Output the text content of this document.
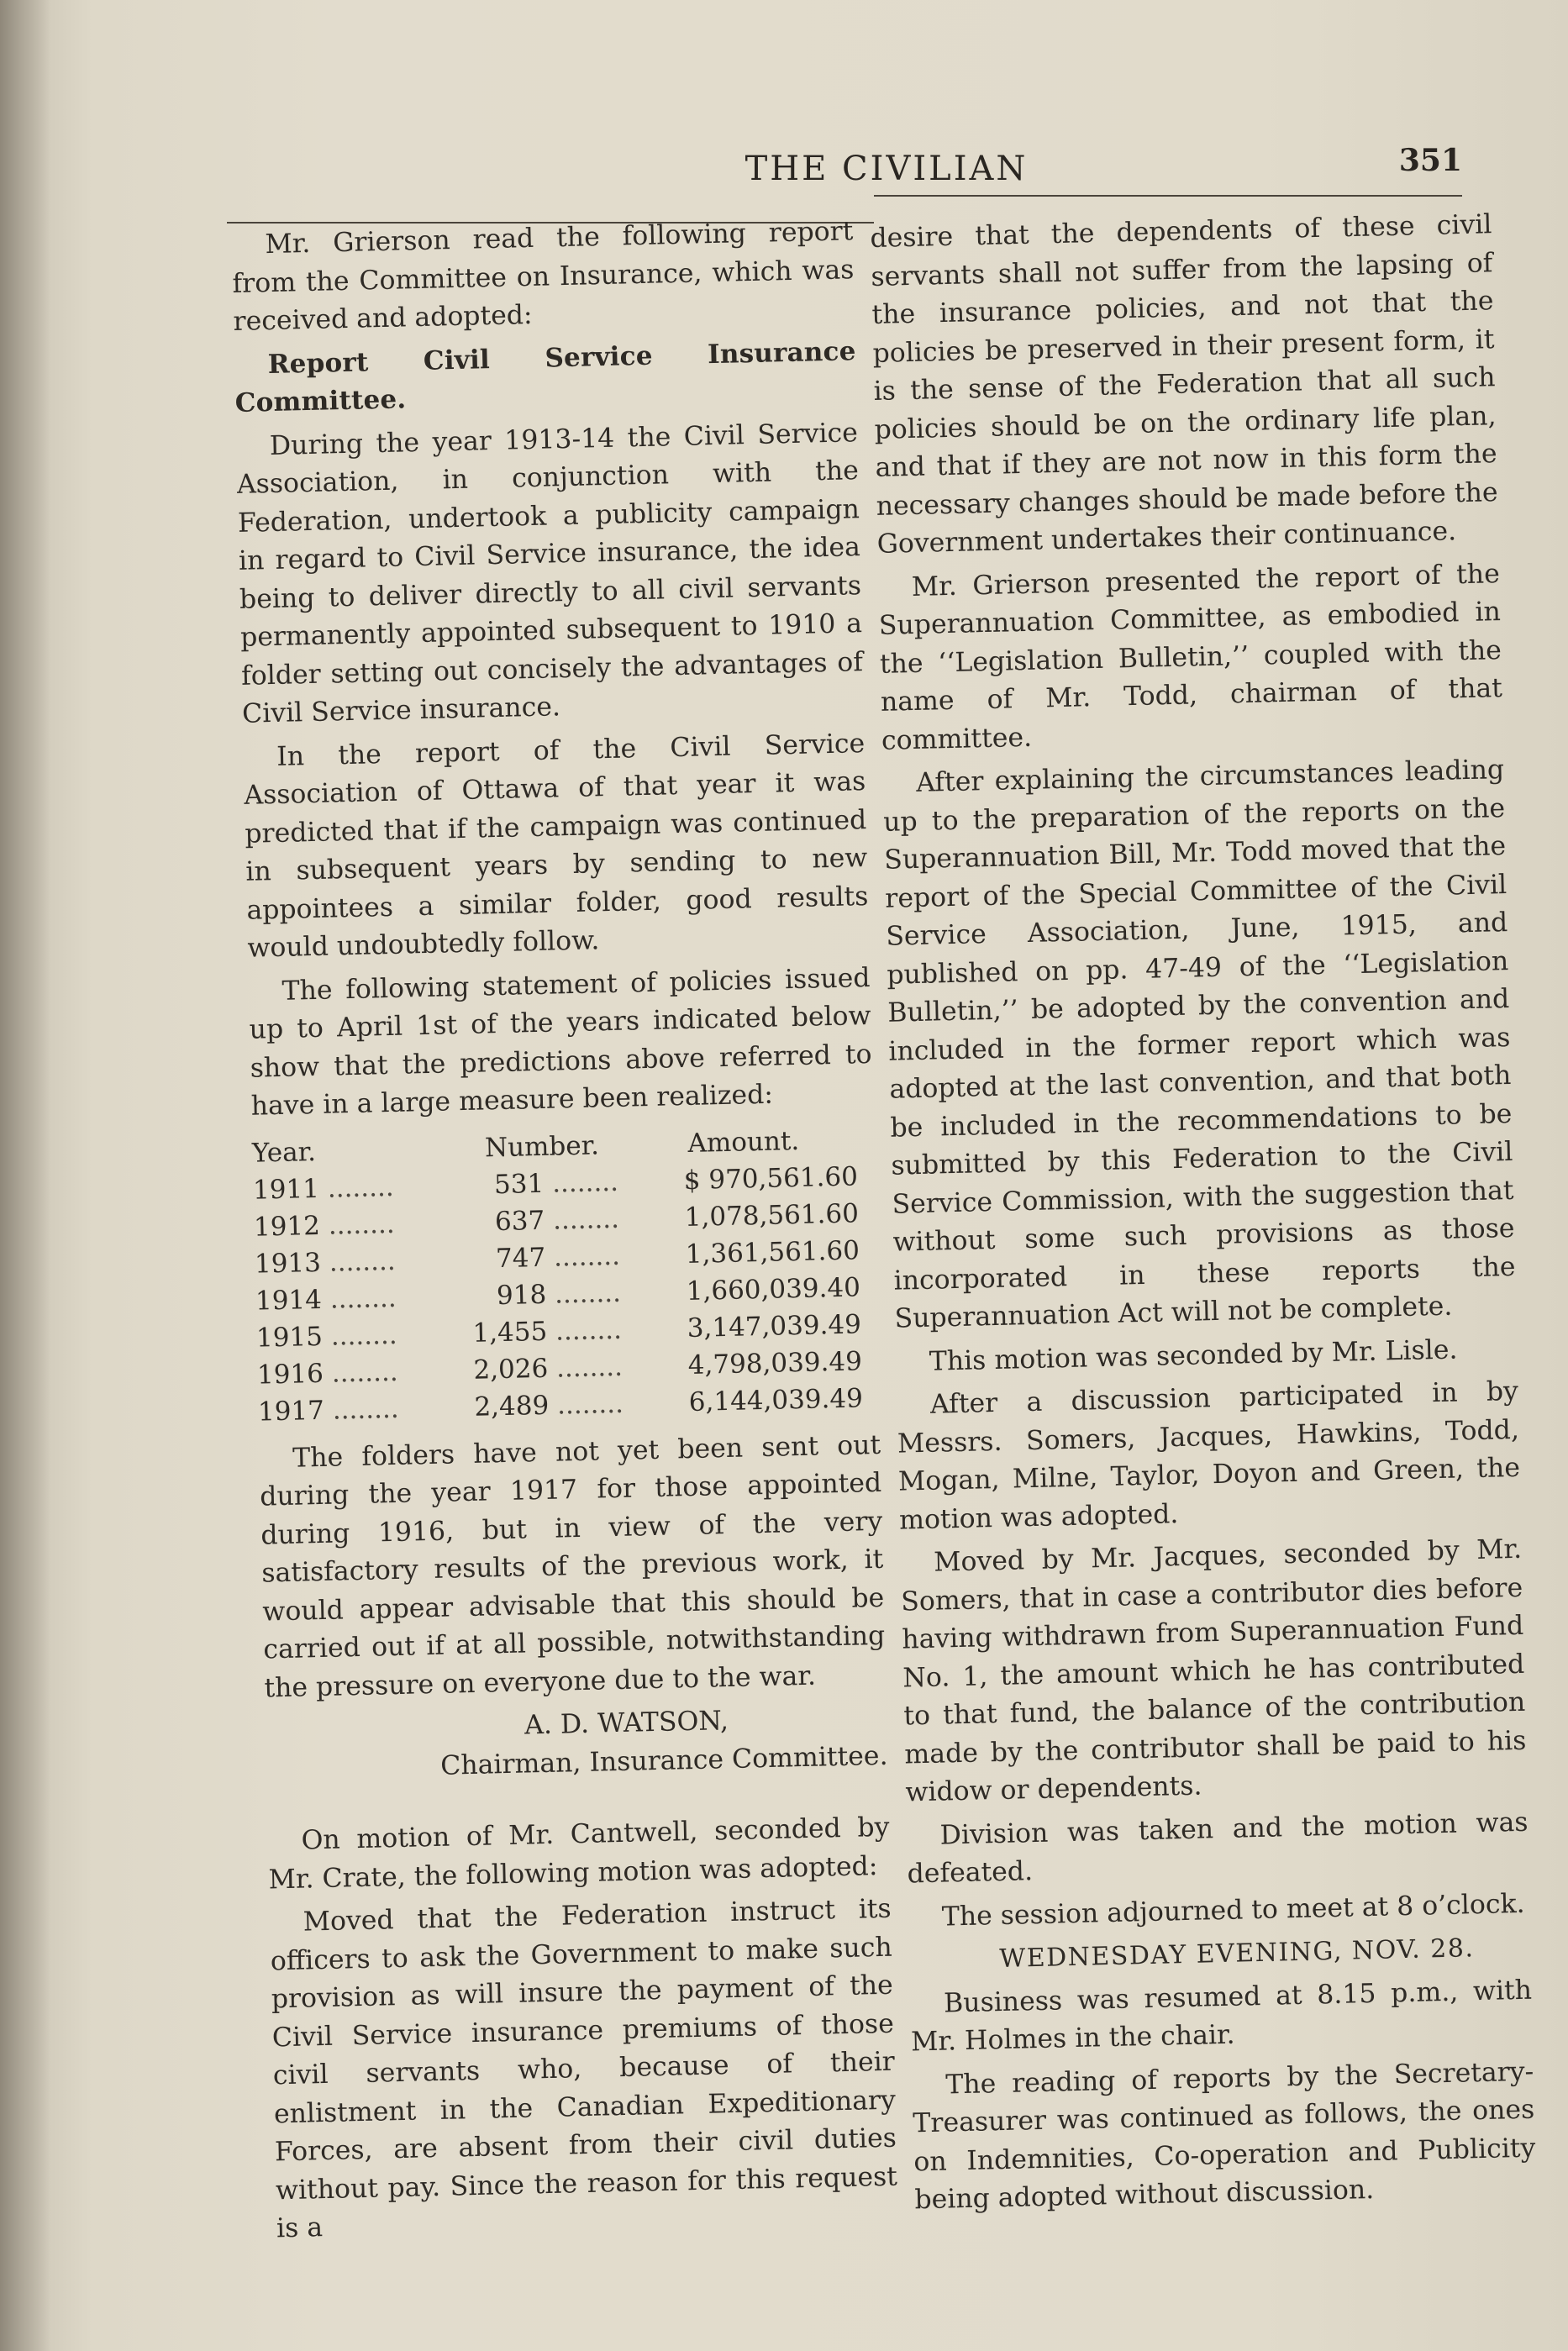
THE CIVILIAN	351

Mr. Grierson read the following report from the Committee on Insurance, which was received and adopted:

Report Civil Service Insurance Committee.

During the year 1913-14 the Civil Service Association, in conjunction with the Federation, undertook a publicity campaign in regard to Civil Service insurance, the idea being to deliver directly to all civil servants permanently appointed subsequent to 1910 a folder setting out concisely the advantages of Civil Service insurance.

In the report of the Civil Service Association of Ottawa of that year it was predicted that if the campaign was continued in subsequent years by sending to new appointees a similar folder, good results would undoubtedly follow.

The following statement of policies issued up to April 1st of the years indicated below show that the predictions above referred to have in a large measure been realized:

Year.	Number.	Amount.
1911 ........	531 ........	$ 970,561.60
1912 ........	637 ........	1,078,561.60
1913 ........	747 ........	1,361,561.60
1914 ........	918 ........	1,660,039.40
1915 ........	1,455 ........	3,147,039.49
1916 ........	2,026 ........	4,798,039.49
1917 ........	2,489 ........	6,144,039.49

The folders have not yet been sent out during the year 1917 for those appointed during 1916, but in view of the very satisfactory results of the previous work, it would appear advisable that this should be carried out if at all possible, notwithstanding the pressure on everyone due to the war.

A. D. WATSON,

Chairman, Insurance Committee.

On motion of Mr. Cantwell, seconded by Mr. Crate, the following motion was adopted:

Moved that the Federation instruct its officers to ask the Government to make such provision as will insure the payment of the Civil Service insurance premiums of those civil servants who, because of their enlistment in the Canadian Expeditionary Forces, are absent from their civil duties without pay. Since the reason for this request is a

desire that the dependents of these civil servants shall not suffer from the lapsing of the insurance policies, and not that the policies be preserved in their present form, it is the sense of the Federation that all such policies should be on the ordinary life plan, and that if they are not now in this form the necessary changes should be made before the Government undertakes their continuance.

Mr. Grierson presented the report of the Superannuation Committee, as embodied in the ‘‘Legislation Bulletin,’’ coupled with the name of Mr. Todd, chairman of that committee.

After explaining the circumstances leading up to the preparation of the reports on the Superannuation Bill, Mr. Todd moved that the report of the Special Committee of the Civil Service Association, June, 1915, and published on pp. 47-49 of the ‘‘Legislation Bulletin,’’ be adopted by the convention and included in the former report which was adopted at the last convention, and that both be included in the recommendations to be submitted by this Federation to the Civil Service Commission, with the suggestion that without some such provisions as those incorporated in these reports the Superannuation Act will not be complete.

This motion was seconded by Mr. Lisle.

After a discussion participated in by Messrs. Somers, Jacques, Hawkins, Todd, Mogan, Milne, Taylor, Doyon and Green, the motion was adopted.

Moved by Mr. Jacques, seconded by Mr. Somers, that in case a contributor dies before having withdrawn from Superannuation Fund No. 1, the amount which he has contributed to that fund, the balance of the contribution made by the contributor shall be paid to his widow or dependents.

Division was taken and the motion was defeated.

The session adjourned to meet at 8 o’clock.

WEDNESDAY EVENING, NOV. 28.

Business was resumed at 8.15 p.m., with Mr. Holmes in the chair.

The reading of reports by the Secretary-Treasurer was continued as follows, the ones on Indemnities, Co-operation and Publicity being adopted without discussion.
